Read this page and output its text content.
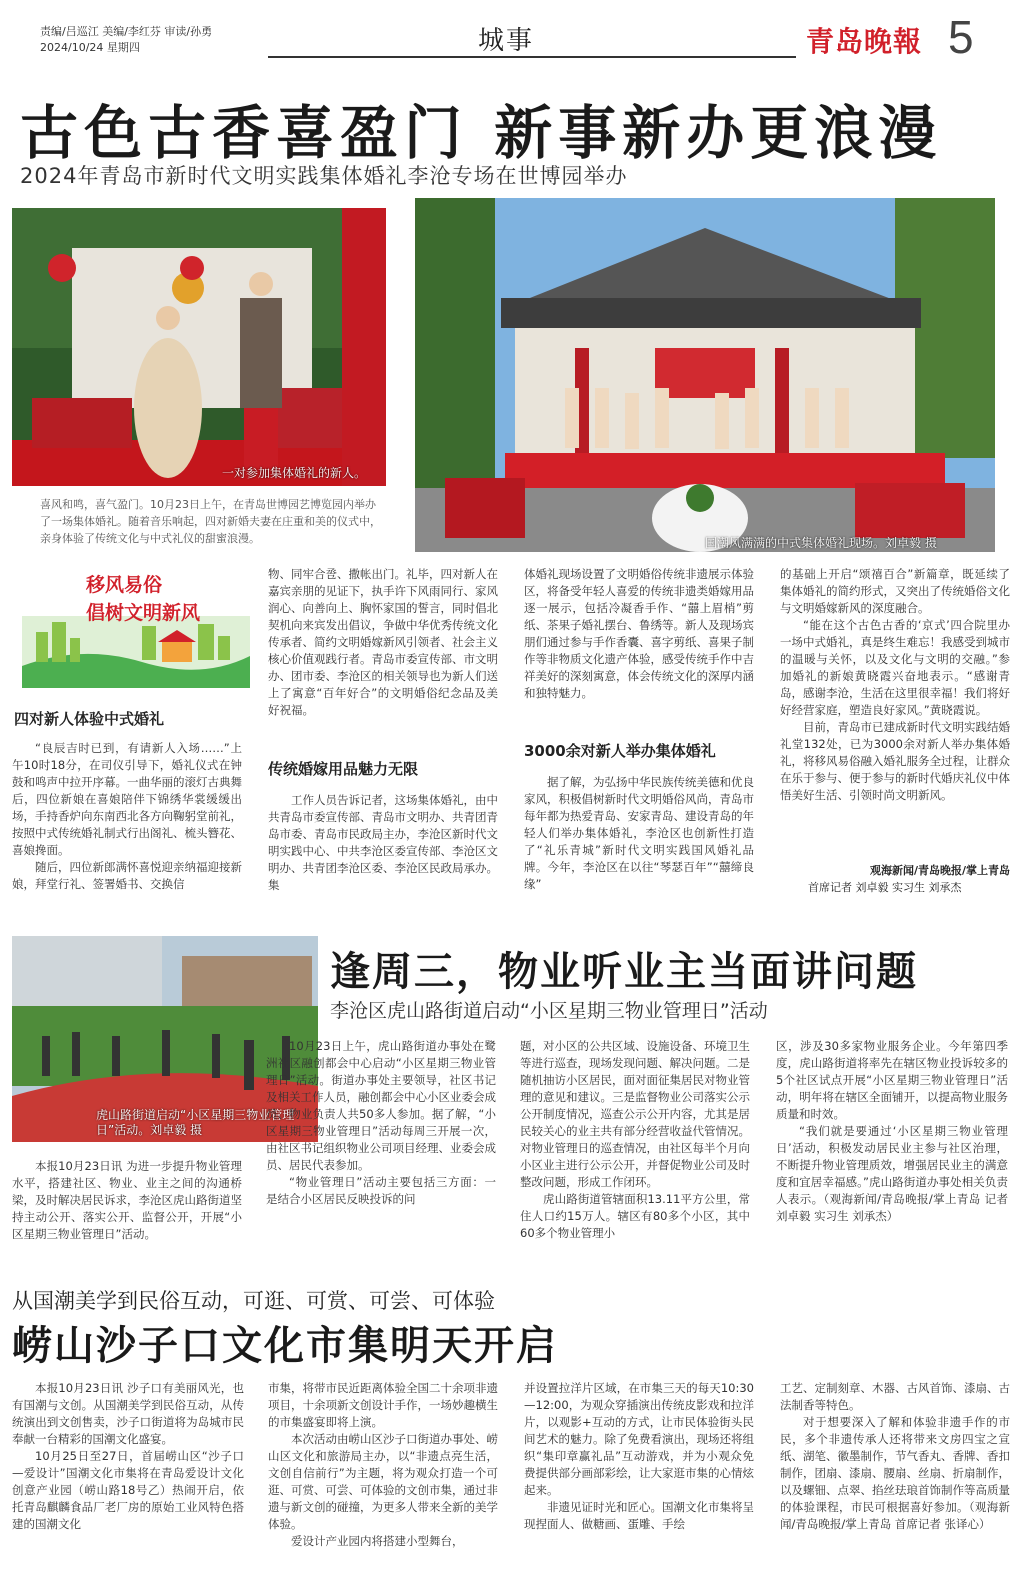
责编/吕巡江 美编/李红芬 审读/孙勇
2024/10/24 星期四	城事	青岛晚報 5
古色古香喜盈门 新事新办更浪漫
2024年青岛市新时代文明实践集体婚礼李沧专场在世博园举办
一对参加集体婚礼的新人。
喜风和鸣，喜气盈门。10月23日上午，在青岛世博园艺博览园内举办了一场集体婚礼。随着音乐响起，四对新婚夫妻在庄重和美的仪式中，亲身体验了传统文化与中式礼仪的甜蜜浪漫。	国潮风满满的中式集体婚礼现场。刘卓毅 摄
移风易俗
倡树文明新风
四对新人体验中式婚礼

“良辰吉时已到，有请新人入场……”上午10时18分，在司仪引导下，婚礼仪式在钟鼓和鸣声中拉开序幕。一曲华丽的滚灯古典舞后，四位新娘在喜娘陪伴下锦绣华裳缓缓出场，手持香炉向东南西北各方向鞠躬堂前礼，按照中式传统婚礼制式行出阁礼、梳头簪花、喜娘搀面。

随后，四位新郎满怀喜悦迎亲纳福迎接新娘，拜堂行礼、签署婚书、交换信

物、同牢合卺、撒帐出门。礼毕，四对新人在嘉宾亲朋的见证下，执手许下风雨同行、家风润心、向善向上、胸怀家国的誓言，同时倡北契机向来宾发出倡议，争做中华优秀传统文化传承者、简约文明婚嫁新风引领者、社会主义核心价值观践行者。青岛市委宣传部、市文明办、团市委、李沧区的相关领导也为新人们送上了寓意“百年好合”的文明婚俗纪念品及美好祝福。

传统婚嫁用品魅力无限

工作人员告诉记者，这场集体婚礼，由中共青岛市委宣传部、青岛市文明办、共青团青岛市委、青岛市民政局主办，李沧区新时代文明实践中心、中共李沧区委宣传部、李沧区文明办、共青团李沧区委、李沧区民政局承办。集

体婚礼现场设置了文明婚俗传统非遗展示体验区，将备受年轻人喜爱的传统非遗类婚嫁用品逐一展示，包括冷凝香手作、“囍上眉梢”剪纸、茶果子婚礼摆台、鲁绣等。新人及现场宾朋们通过参与手作香囊、喜字剪纸、喜果子制作等非物质文化遗产体验，感受传统手作中吉祥美好的深刻寓意，体会传统文化的深厚内涵和独特魅力。

3000余对新人举办集体婚礼

据了解，为弘扬中华民族传统美德和优良家风，积极倡树新时代文明婚俗风尚，青岛市每年都为热爱青岛、安家青岛、建设青岛的年轻人们举办集体婚礼，李沧区也创新性打造了“礼乐青城”新时代文明实践国风婚礼品牌。今年，李沧区在以往“琴瑟百年”“囍缔良缘”

的基础上开启“颂禧百合”新篇章，既延续了集体婚礼的简约形式，又突出了传统婚俗文化与文明婚嫁新风的深度融合。

“能在这个古色古香的‘京式’四合院里办一场中式婚礼，真是终生难忘！我感受到城市的温暖与关怀，以及文化与文明的交融。”参加婚礼的新娘黄晓霞兴奋地表示。“感谢青岛，感谢李沧，生活在这里很幸福！我们将好好经营家庭，塑造良好家风。”黄晓霞说。

目前，青岛市已建成新时代文明实践结婚礼堂132处，已为3000余对新人举办集体婚礼，将移风易俗融入婚礼服务全过程，让群众在乐于参与、便于参与的新时代婚庆礼仪中体悟美好生活、引领时尚文明新风。

观海新闻/青岛晚报/掌上青岛

首席记者 刘卓毅 实习生 刘承杰

虎山路街道启动“小区星期三物业管理日”活动。刘卓毅 摄
逢周三，物业听业主当面讲问题
李沧区虎山路街道启动“小区星期三物业管理日”活动

本报10月23日讯 为进一步提升物业管理水平，搭建社区、物业、业主之间的沟通桥梁，及时解决居民诉求，李沧区虎山路街道坚持主动公开、落实公开、监督公开，开展“小区星期三物业管理日”活动。

10月23日上午，虎山路街道办事处在鹭洲社区融创都会中心启动“小区星期三物业管理日”活动。街道办事处主要领导，社区书记及相关工作人员，融创都会中心小区业委会成员、物业负责人共50多人参加。据了解，“小区星期三物业管理日”活动每周三开展一次，由社区书记组织物业公司项目经理、业委会成员、居民代表参加。

“物业管理日”活动主要包括三方面：一是结合小区居民反映投诉的问

题，对小区的公共区域、设施设备、环境卫生等进行巡查，现场发现问题、解决问题。二是随机抽访小区居民，面对面征集居民对物业管理的意见和建议。三是监督物业公司落实公示公开制度情况，巡查公示公开内容，尤其是居民较关心的业主共有部分经营收益代管情况。对物业管理日的巡查情况，由社区每半个月向小区业主进行公示公开，并督促物业公司及时整改问题，形成工作闭环。

虎山路街道管辖面积13.11平方公里，常住人口约15万人。辖区有80多个小区，其中60多个物业管理小

区，涉及30多家物业服务企业。今年第四季度，虎山路街道将率先在辖区物业投诉较多的5个社区试点开展“小区星期三物业管理日”活动，明年将在辖区全面铺开，以提高物业服务质量和时效。

“我们就是要通过‘小区星期三物业管理日’活动，积极发动居民业主参与社区治理，不断提升物业管理质效，增强居民业主的满意度和宜居幸福感。”虎山路街道办事处相关负责人表示。（观海新闻/青岛晚报/掌上青岛 记者 刘卓毅 实习生 刘承杰）

从国潮美学到民俗互动，可逛、可赏、可尝、可体验
崂山沙子口文化市集明天开启

本报10月23日讯 沙子口有美丽风光，也有国潮与文创。从国潮美学到民俗互动，从传统演出到文创售卖，沙子口街道将为岛城市民奉献一台精彩的国潮文化盛宴。

10月25日至27日，首届崂山区“沙子口—爱设计”国潮文化市集将在青岛爱设计文化创意产业园（崂山路18号乙）热闹开启，依托青岛麒麟食品厂老厂房的原始工业风特色搭建的国潮文化

市集，将带市民近距离体验全国二十余项非遗项目，十余项新文创设计手作，一场妙趣横生的市集盛宴即将上演。

本次活动由崂山区沙子口街道办事处、崂山区文化和旅游局主办，以“非遗点亮生活，文创自信前行”为主题，将为观众打造一个可逛、可赏、可尝、可体验的文创市集，通过非遗与新文创的碰撞，为更多人带来全新的美学体验。

爱设计产业园内将搭建小型舞台，

并设置拉洋片区域，在市集三天的每天10:30—12:00，为观众穿插演出传统皮影戏和拉洋片，以观影+互动的方式，让市民体验街头民间艺术的魅力。除了免费看演出，现场还将组织“集印章赢礼品”互动游戏，并为小观众免费提供部分画部彩绘，让大家逛市集的心情炫起来。

非遗见证时光和匠心。国潮文化市集将呈现捏面人、做糖画、蛋雕、手绘

工艺、定制刻章、木器、古风首饰、漆扇、古法制香等特色。

对于想要深入了解和体验非遗手作的市民，多个非遗传承人还将带来文房四宝之宣纸、湖笔、徽墨制作，节气香丸、香牌、香扣制作，团扇、漆扇、腰扇、丝扇、折扇制作，以及螺钿、点翠、掐丝珐琅首饰制作等高质量的体验课程，市民可根据喜好参加。（观海新闻/青岛晚报/掌上青岛 首席记者 张译心）
